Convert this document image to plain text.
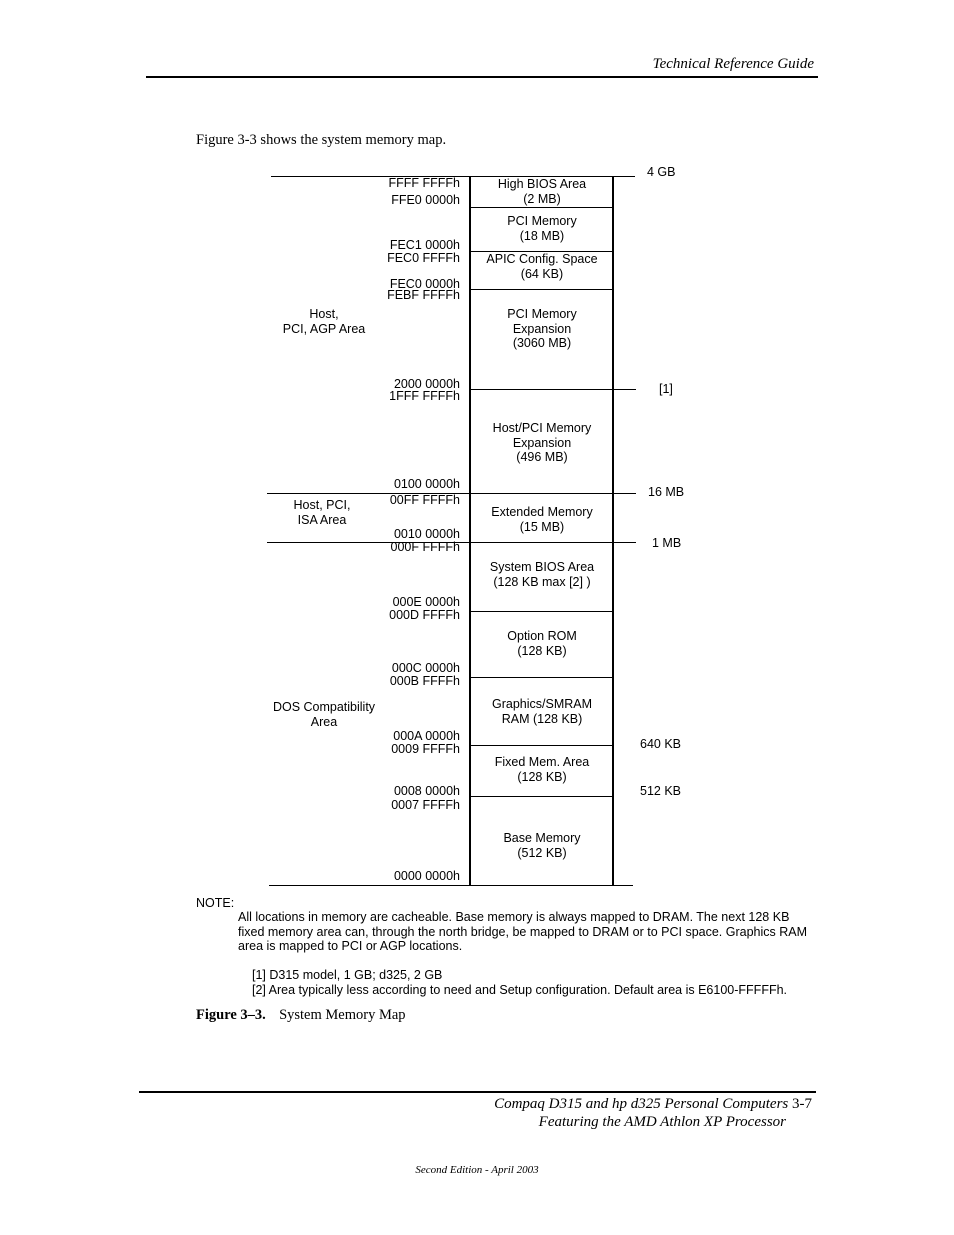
Technical Reference Guide
Figure 3-3 shows the system memory map.
High BIOS Area
(2 MB)
PCI Memory
(18 MB)
APIC Config. Space
(64 KB)
PCI Memory
Expansion
(3060 MB)
Host/PCI Memory
Expansion
(496 MB)
Extended Memory
(15 MB)
System BIOS Area
(128 KB max [2] )
Option ROM
(128 KB)
Graphics/SMRAM
RAM (128 KB)
Fixed Mem. Area
(128 KB)
Base Memory
(512 KB)
FFFF FFFFh
FFE0 0000h
FEC1 0000h
FEC0 FFFFh
FEC0 0000h
FEBF FFFFh
2000 0000h
1FFF FFFFh
0100 0000h
00FF FFFFh
0010 0000h
000F FFFFh
000E 0000h
000D FFFFh
000C 0000h
000B FFFFh
000A 0000h
0009 FFFFh
0008 0000h
0007 FFFFh
0000 0000h
Host,
PCI, AGP Area
Host, PCI,
ISA Area
DOS Compatibility
Area
4 GB
[1]
16 MB
1 MB
640 KB
512 KB
NOTE:
All locations in memory are cacheable. Base memory is always mapped to DRAM. The next 128 KB
fixed memory area can, through the north bridge, be mapped to DRAM or to PCI space. Graphics RAM
area is mapped to PCI or AGP locations.
[1] D315 model, 1 GB; d325, 2 GB
[2] Area typically less according to need and Setup configuration. Default area is E6100-FFFFFh.
Figure 3–3. System Memory Map
Compaq D315 and hp d325 Personal Computers 3-7
Featuring the AMD Athlon XP Processor
Second Edition - April 2003
